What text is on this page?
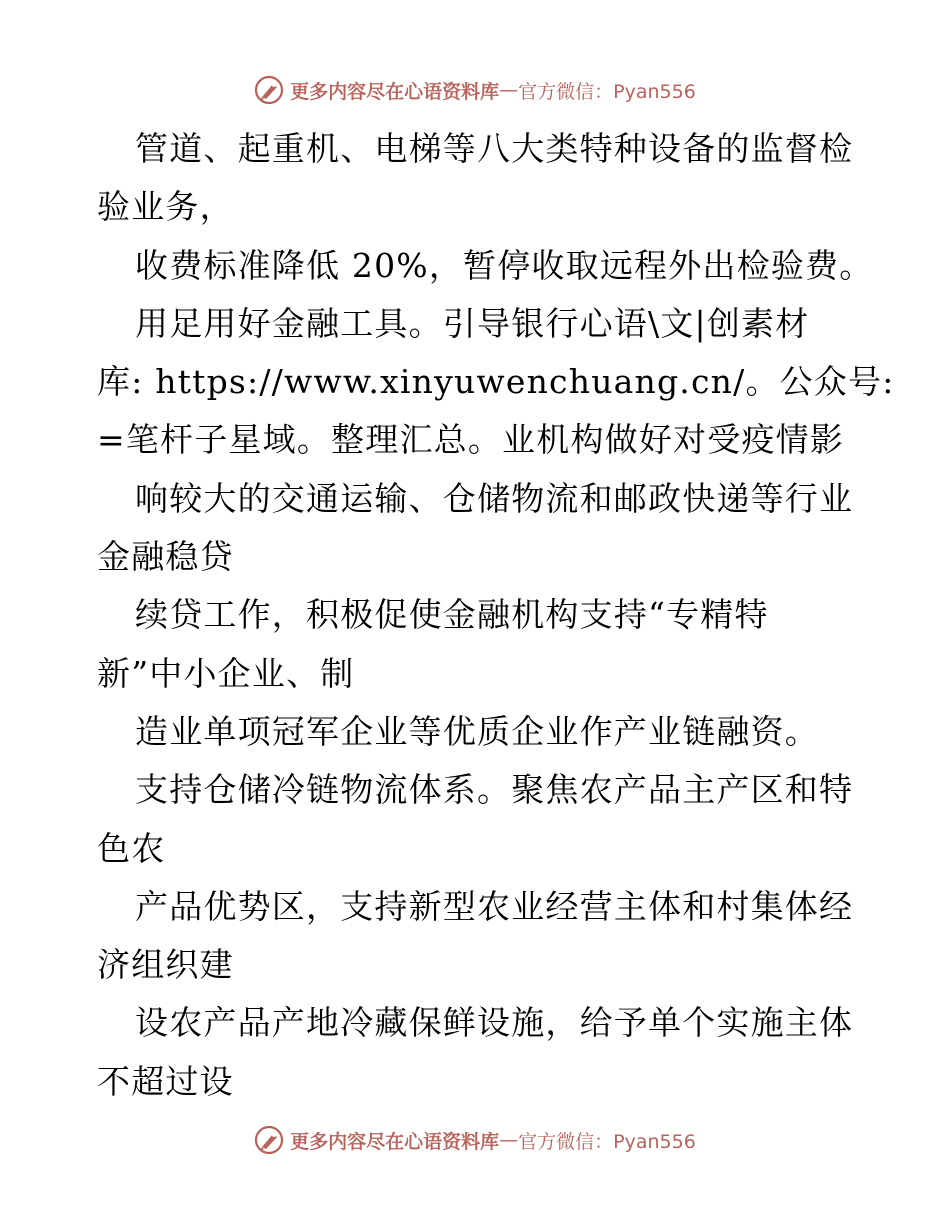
更多内容尽在心语资料库 — 官方微信：Pyan556
管道、起重机、电梯等八大类特种设备的监督检
验业务，
收费标准降低 20%，暂停收取远程外出检验费。
用足用好金融工具。引导银行心语\文|创素材
库: https://www.xinyuwenchuang.cn/。公众号:
=笔杆子星域。整理汇总。业机构做好对受疫情影
响较大的交通运输、仓储物流和邮政快递等行业
金融稳贷
续贷工作，积极促使金融机构支持“专精特
新”中小企业、制
造业单项冠军企业等优质企业作产业链融资。
支持仓储冷链物流体系。聚焦农产品主产区和特
色农
产品优势区，支持新型农业经营主体和村集体经
济组织建
设农产品产地冷藏保鲜设施，给予单个实施主体
不超过设
更多内容尽在心语资料库 — 官方微信：Pyan556
